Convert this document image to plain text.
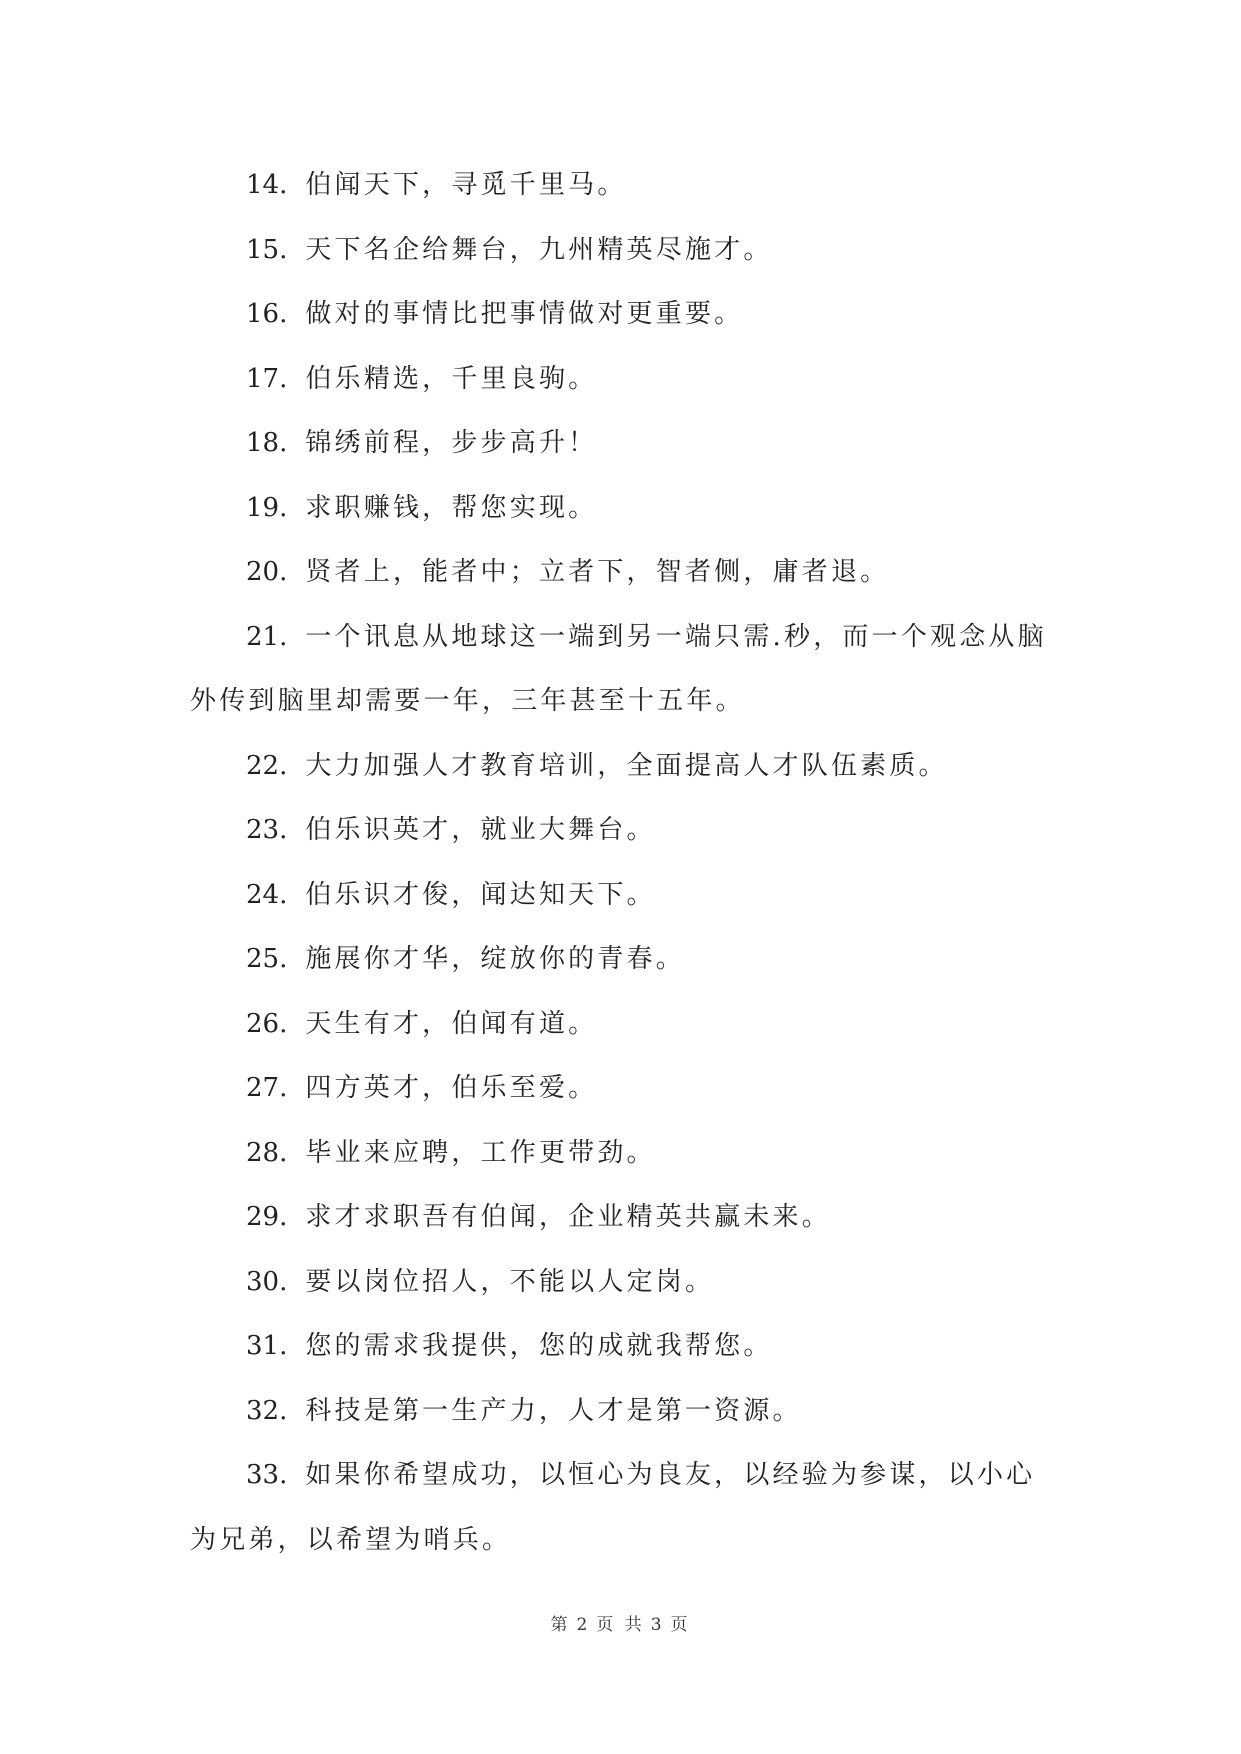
14. 伯闻天下，寻觅千里马。

15. 天下名企给舞台，九州精英尽施才。

16. 做对的事情比把事情做对更重要。

17. 伯乐精选，千里良驹。

18. 锦绣前程，步步高升！

19. 求职赚钱，帮您实现。

20. 贤者上，能者中；立者下，智者侧，庸者退。

21. 一个讯息从地球这一端到另一端只需.秒，而一个观念从脑外传到脑里却需要一年，三年甚至十五年。

22. 大力加强人才教育培训，全面提高人才队伍素质。

23. 伯乐识英才，就业大舞台。

24. 伯乐识才俊，闻达知天下。

25. 施展你才华，绽放你的青春。

26. 天生有才，伯闻有道。

27. 四方英才，伯乐至爱。

28. 毕业来应聘，工作更带劲。

29. 求才求职吾有伯闻，企业精英共赢未来。

30. 要以岗位招人，不能以人定岗。

31. 您的需求我提供，您的成就我帮您。

32. 科技是第一生产力，人才是第一资源。

33. 如果你希望成功，以恒心为良友，以经验为参谋，以小心为兄弟，以希望为哨兵。

第 2 页 共 3 页
